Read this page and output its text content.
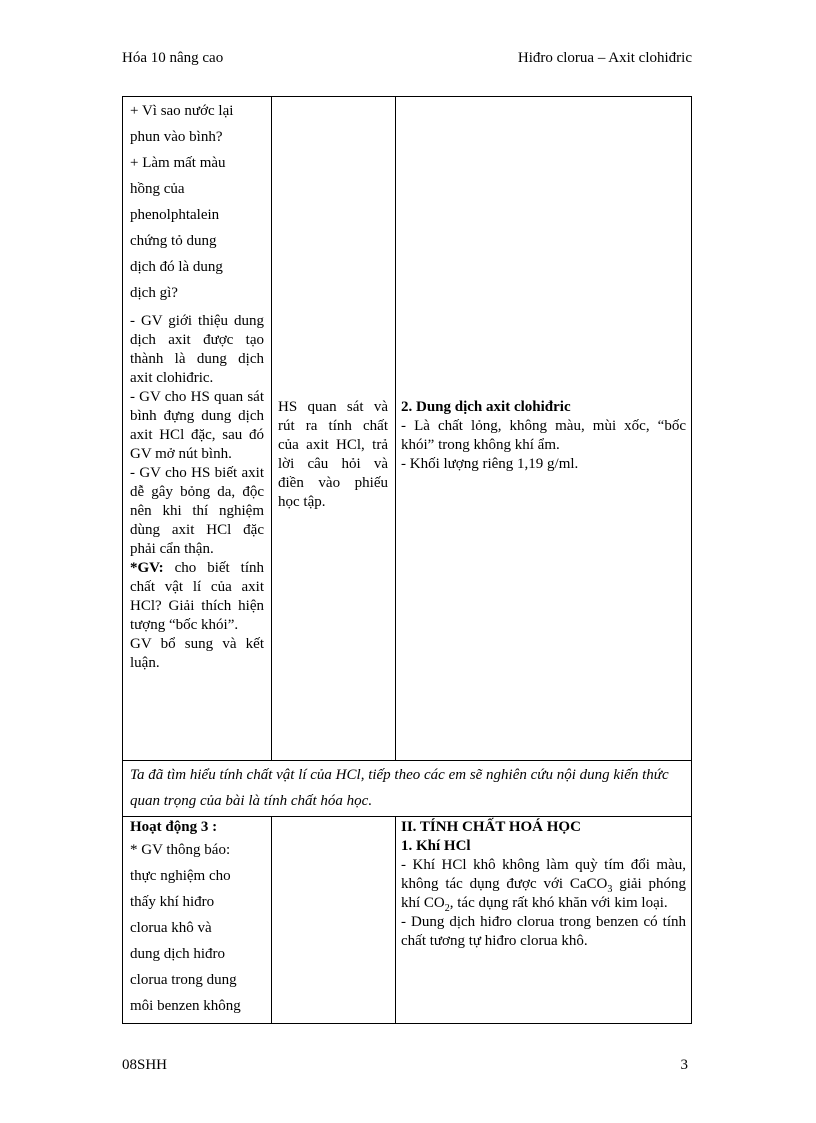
Hóa 10 nâng cao	Hiđro clorua – Axit clohiđric
+ Vì sao nước lại
phun vào bình?
+ Làm mất màu
hồng của
phenolphtalein
chứng tỏ dung
dịch đó là dung
dịch gì?
- GV giới thiệu dung dịch axit được tạo thành là dung dịch axit clohiđric.
- GV cho HS quan sát bình đựng dung dịch axit HCl đặc, sau đó GV mở nút bình.
- GV cho HS biết axit dễ gây bỏng da, độc nên khi thí nghiệm dùng axit HCl đặc phải cẩn thận.
*GV: cho biết tính chất vật lí của axit HCl? Giải thích hiện tượng “bốc khói”.
GV bổ sung và kết luận.
HS quan sát và rút ra tính chất của axit HCl, trả lời câu hỏi và điền vào phiếu học tập.
2. Dung dịch axit clohiđric
- Là chất lỏng, không màu, mùi xốc, “bốc khói” trong không khí ẩm.
- Khối lượng riêng 1,19 g/ml.
Ta đã tìm hiểu tính chất vật lí của HCl, tiếp theo các em sẽ nghiên cứu nội dung kiến thức quan trọng của bài là tính chất hóa học.
Hoạt động 3 :
* GV thông báo:
thực nghiệm cho
thấy khí hiđro
clorua khô và
dung dịch hiđro
clorua trong dung
môi benzen không
II. TÍNH CHẤT HOÁ HỌC
1. Khí HCl
- Khí HCl khô không làm quỳ tím đổi màu, không tác dụng được với CaCO$_3$ giải phóng khí $CO_2$, tác dụng rất khó khăn với kim loại.
- Dung dịch hiđro clorua trong benzen có tính chất tương tự hiđro clorua khô.
08SHH	3
